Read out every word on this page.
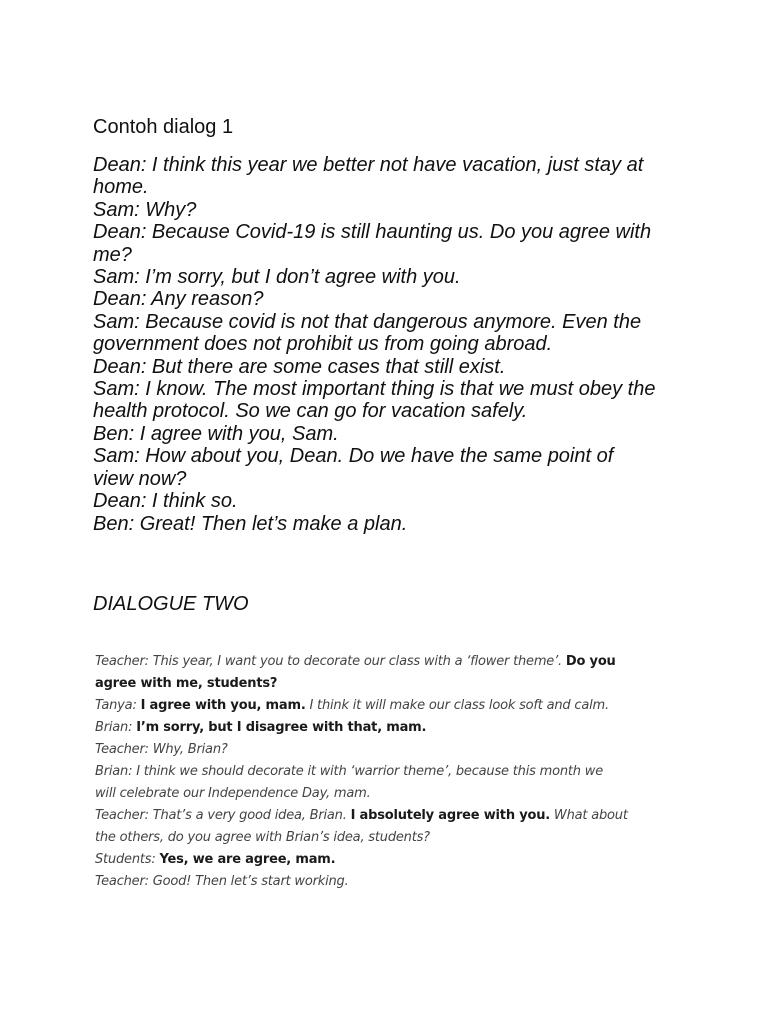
Contoh dialog 1
Dean: I think this year we better not have vacation, just stay at
home.
Sam: Why?
Dean: Because Covid-19 is still haunting us. Do you agree with
me?
Sam: I’m sorry, but I don’t agree with you.
Dean: Any reason?
Sam: Because covid is not that dangerous anymore. Even the
government does not prohibit us from going abroad.
Dean: But there are some cases that still exist.
Sam: I know. The most important thing is that we must obey the
health protocol. So we can go for vacation safely.
Ben: I agree with you, Sam.
Sam: How about you, Dean. Do we have the same point of
view now?
Dean: I think so.
Ben: Great! Then let’s make a plan.
DIALOGUE TWO
Teacher: This year, I want you to decorate our class with a ‘flower theme’. Do you
agree with me, students?
Tanya: I agree with you, mam. I think it will make our class look soft and calm.
Brian: I’m sorry, but I disagree with that, mam.
Teacher: Why, Brian?
Brian: I think we should decorate it with ‘warrior theme’, because this month we
will celebrate our Independence Day, mam.
Teacher: That’s a very good idea, Brian. I absolutely agree with you. What about
the others, do you agree with Brian’s idea, students?
Students: Yes, we are agree, mam.
Teacher: Good! Then let’s start working.
